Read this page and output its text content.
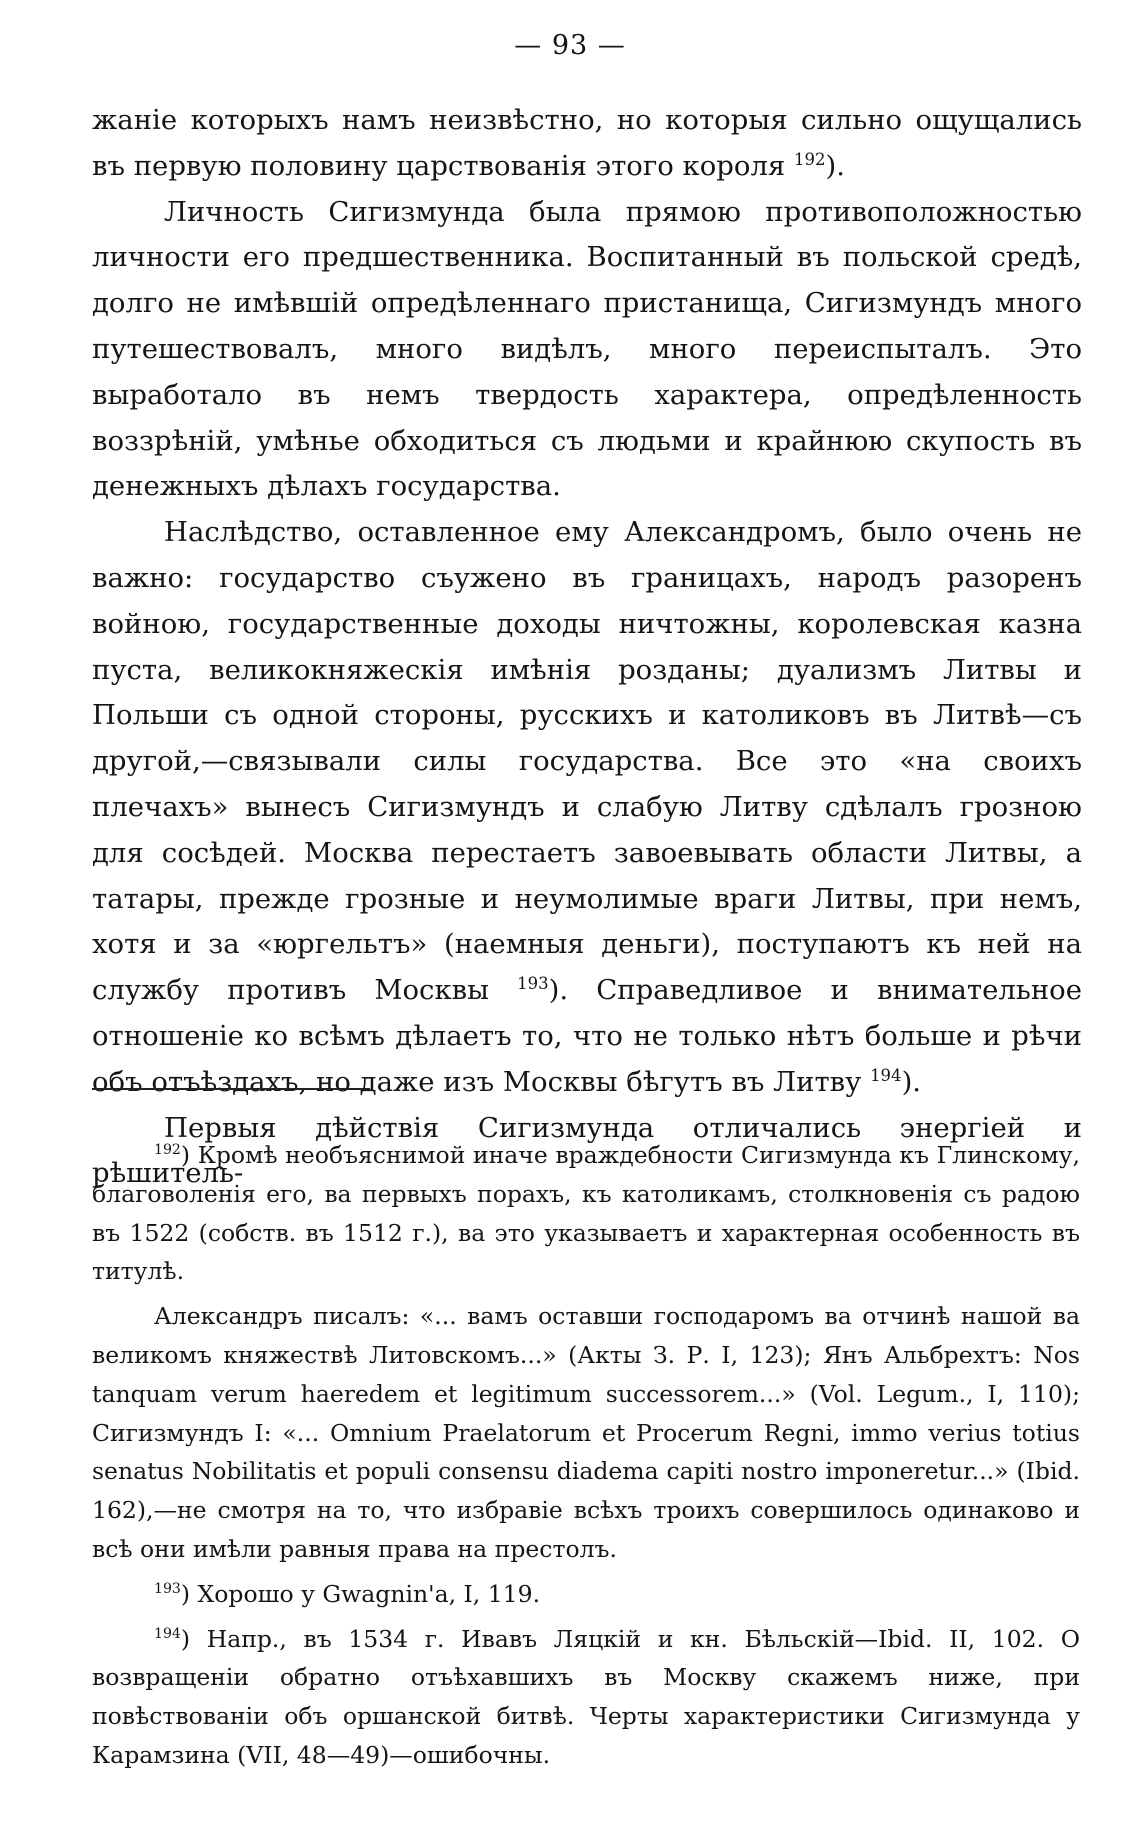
— 93 —

жаніе которыхъ намъ неизвѣстно, но которыя сильно ощущались въ первую половину царствованія этого короля $^{192}$).

Личность Сигизмунда была прямою противоположностью личности его предшественника. Воспитанный въ польской средѣ, долго не имѣвшій опредѣленнаго пристанища, Сигизмундъ много путешествовалъ, много видѣлъ, много переиспыталъ. Это выработало въ немъ твердость характера, опредѣленность воззрѣній, умѣнье обходиться съ людьми и крайнюю скупость въ денежныхъ дѣлахъ государства.

Наслѣдство, оставленное ему Александромъ, было очень не важно: государство съужено въ границахъ, народъ разоренъ войною, государственные доходы ничтожны, королевская казна пуста, великокняжескія имѣнія розданы; дуализмъ Литвы и Польши съ одной стороны, русскихъ и католиковъ въ Литвѣ—съ другой,—связывали силы государства. Все это «на своихъ плечахъ» вынесъ Сигизмундъ и слабую Литву сдѣлалъ грозною для сосѣдей. Москва перестаетъ завоевывать области Литвы, а татары, прежде грозные и неумолимые враги Литвы, при немъ, хотя и за «юргельтъ» (наемныя деньги), поступаютъ къ ней на службу противъ Москвы $^{193}$). Справедливое и внимательное отношеніе ко всѣмъ дѣлаетъ то, что не только нѣтъ больше и рѣчи объ отъѣздахъ, но даже изъ Москвы бѣгутъ въ Литву $^{194}$).

Первыя дѣйствія Сигизмунда отличались энергіей и рѣшитель-

$^{192}$) Кромѣ необъяснимой иначе враждебности Сигизмунда къ Глинскому, благоволенія его, ва первыхъ порахъ, къ католикамъ, столкновенія съ радою въ 1522 (собств. въ 1512 г.), ва это указываетъ и характерная особенность въ титулѣ.

Александръ писалъ: «... вамъ оставши господаромъ ва отчинѣ нашой ва великомъ княжествѣ Литовскомъ...» (Акты З. Р. І, 123); Янъ Альбрехтъ: Nos tanquam verum haeredem et legitimum successorem...» (Vol. Legum., I, 110); Сигизмундъ I: «... Omnium Praelatorum et Procerum Regni, immo verius totius senatus Nobilitatis et populi consensu diadema capiti nostro imponeretur...» (Ibid. 162),—не смотря на то, что избравіе всѣхъ троихъ совершилось одинаково и всѣ они имѣли равныя права на престолъ.

$^{193}$) Хорошо у Gwagnin'a, I, 119.

$^{194}$) Напр., въ 1534 г. Ивавъ Ляцкій и кн. Бѣльскій—Ibid. II, 102. О возвращеніи обратно отъѣхавшихъ въ Москву скажемъ ниже, при повѣствованіи объ оршанской битвѣ. Черты характеристики Сигизмунда у Карамзина (VII, 48—49)—ошибочны.
